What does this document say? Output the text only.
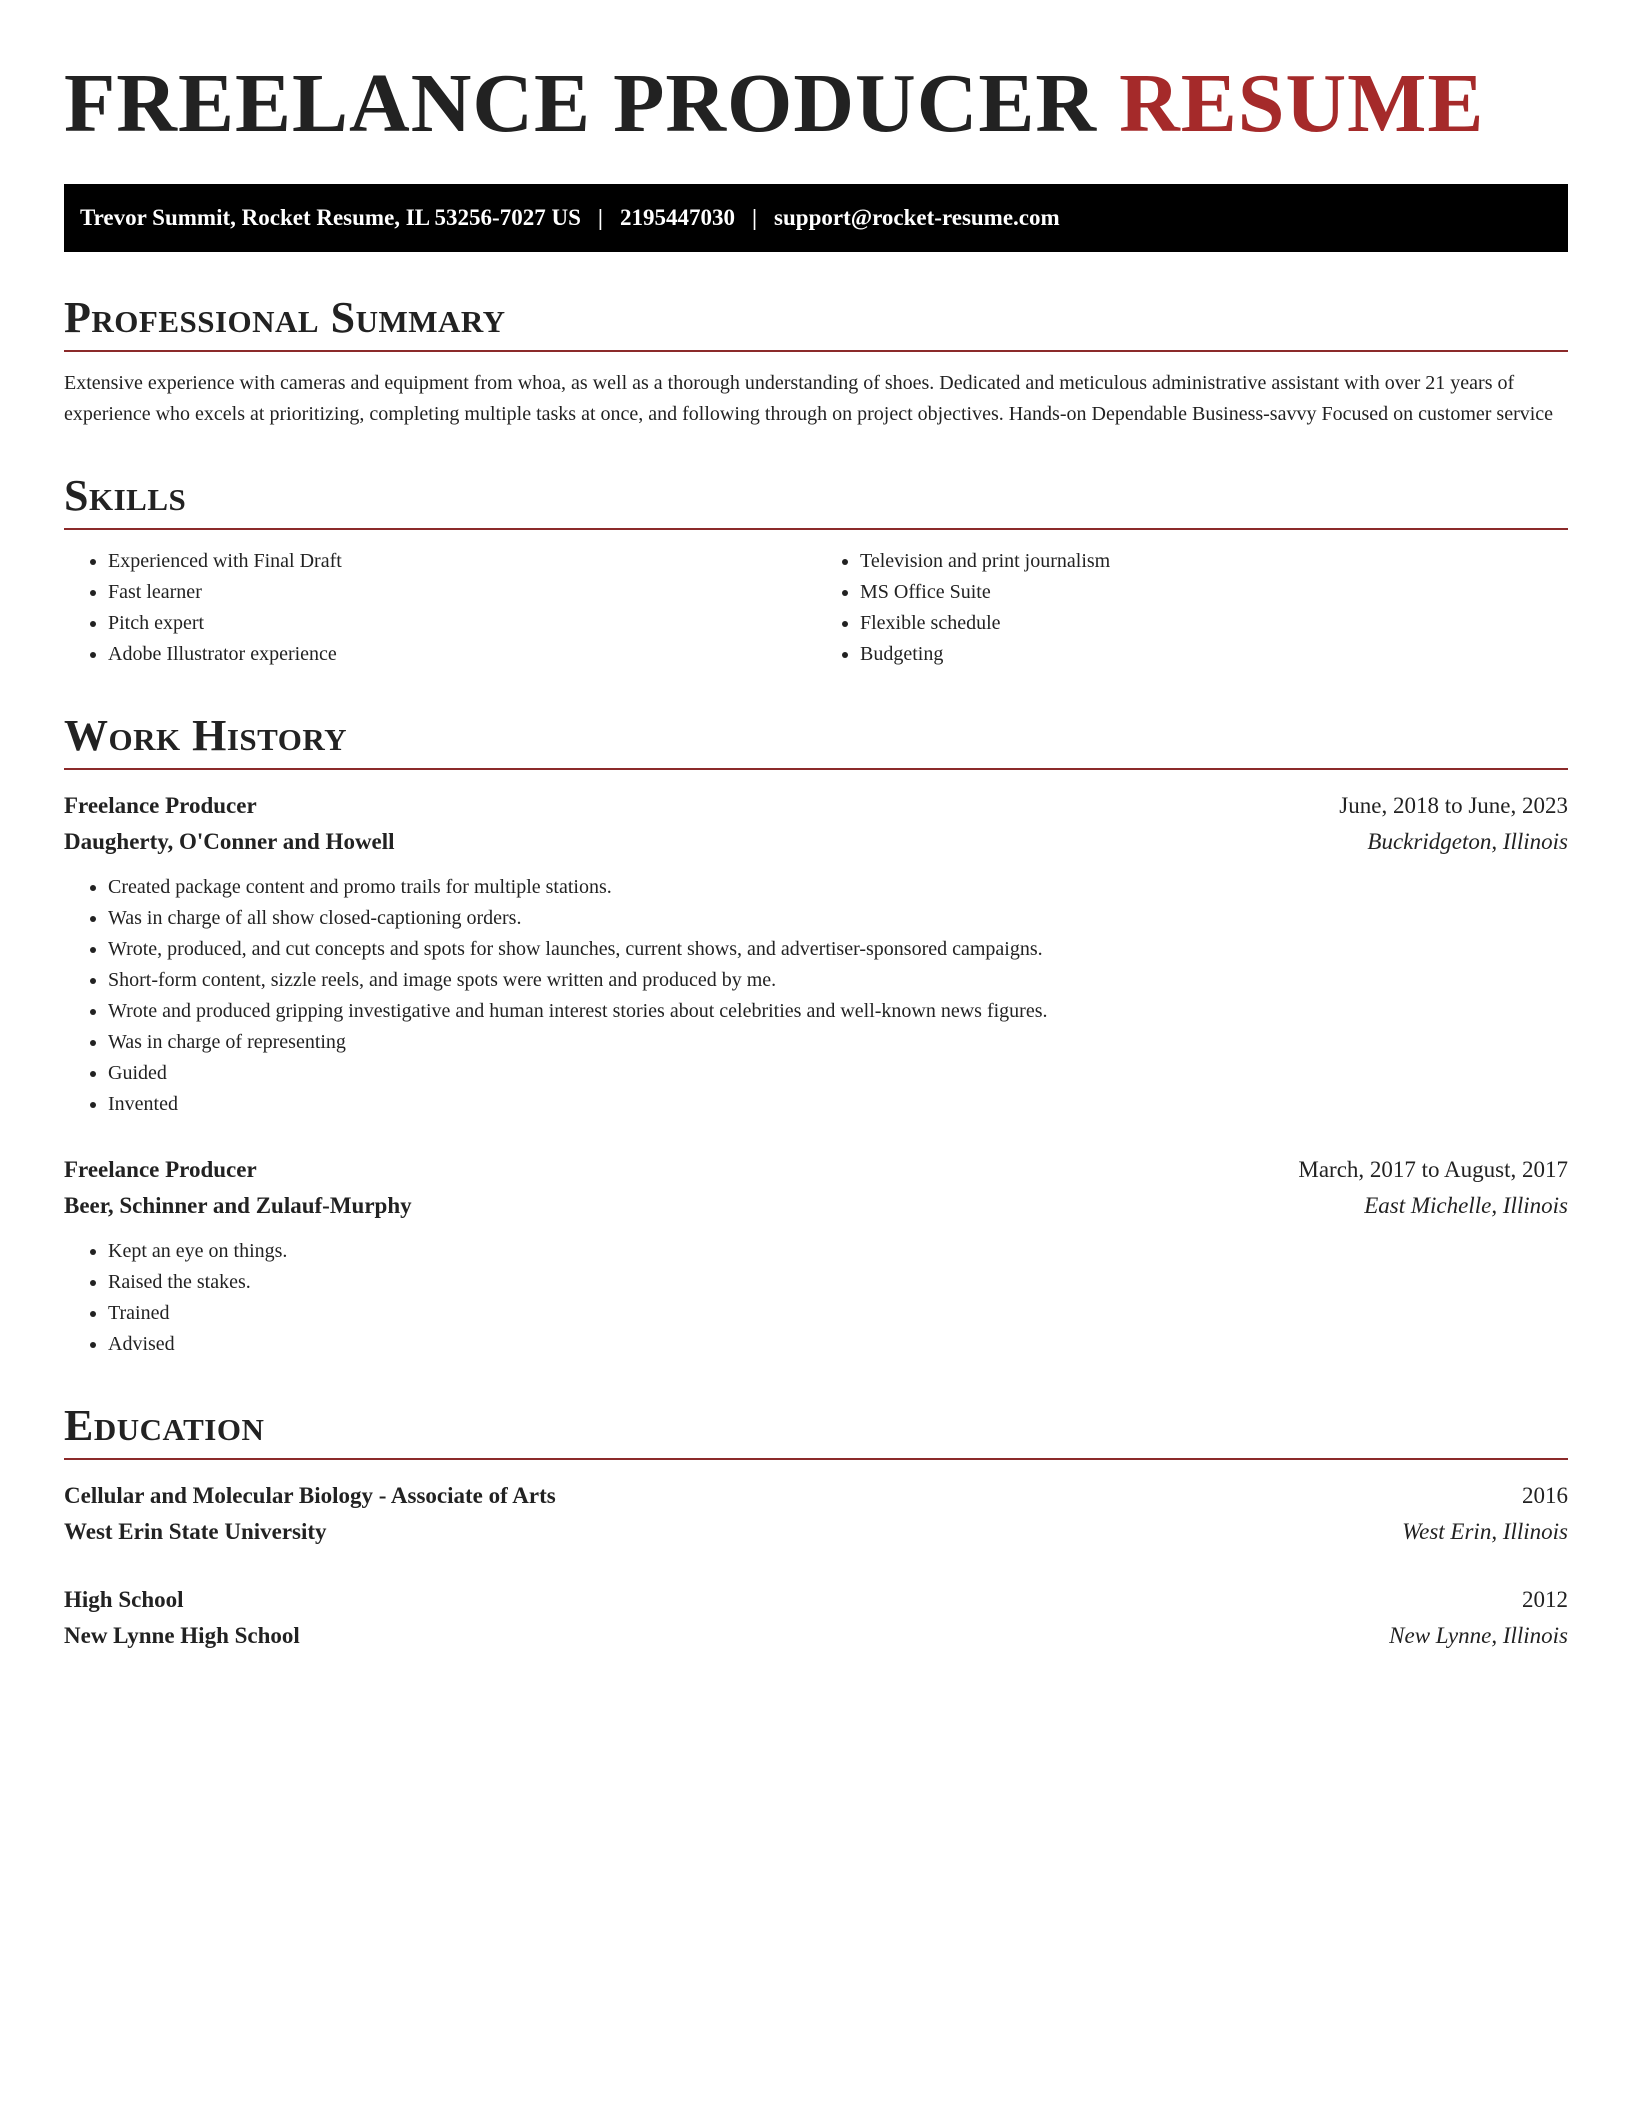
FREELANCE PRODUCER RESUME
Trevor Summit, Rocket Resume, IL 53256-7027 US | 2195447030 | support@rocket-resume.com
Professional Summary

Extensive experience with cameras and equipment from whoa, as well as a thorough understanding of shoes. Dedicated and meticulous administrative assistant with over 21 years of experience who excels at prioritizing, completing multiple tasks at once, and following through on project objectives. Hands-on Dependable Business-savvy Focused on customer service

Skills
• Experienced with Final Draft
• Fast learner
• Pitch expert
• Adobe Illustrator experience
• Television and print journalism
• MS Office Suite
• Flexible schedule
• Budgeting
Work History
Freelance Producer	June, 2018 to June, 2023
Daugherty, O'Conner and Howell	Buckridgeton, Illinois
• Created package content and promo trails for multiple stations.
• Was in charge of all show closed-captioning orders.
• Wrote, produced, and cut concepts and spots for show launches, current shows, and advertiser-sponsored campaigns.
• Short-form content, sizzle reels, and image spots were written and produced by me.
• Wrote and produced gripping investigative and human interest stories about celebrities and well-known news figures.
• Was in charge of representing
• Guided
• Invented
Freelance Producer	March, 2017 to August, 2017
Beer, Schinner and Zulauf-Murphy	East Michelle, Illinois
• Kept an eye on things.
• Raised the stakes.
• Trained
• Advised
Education
Cellular and Molecular Biology - Associate of Arts	2016
West Erin State University	West Erin, Illinois
High School	2012
New Lynne High School	New Lynne, Illinois
